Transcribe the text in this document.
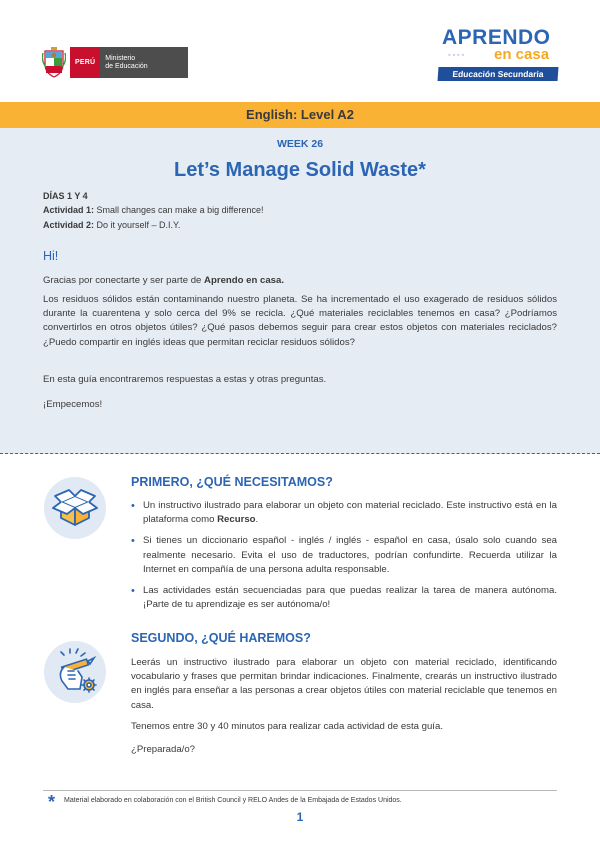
PERÚ
Ministerio
de Educación
APRENDO
◦◦◦◦ en casa
Educación Secundaria
English: Level A2
WEEK 26
Let’s Manage Solid Waste*
DÍAS 1 Y 4
Actividad 1: Small changes can make a big difference!
Actividad 2: Do it yourself – D.I.Y.
Hi!

Gracias por conectarte y ser parte de Aprendo en casa.

Los residuos sólidos están contaminando nuestro planeta. Se ha incrementado el uso exagerado de residuos sólidos durante la cuarentena y solo cerca del 9% se recicla. ¿Qué materiales reciclables tenemos en casa? ¿Podríamos convertirlos en otros objetos útiles? ¿Qué pasos debemos seguir para crear estos objetos con materiales reciclados? ¿Puedo compartir en inglés ideas que permitan reciclar residuos sólidos?

En esta guía encontraremos respuestas a estas y otras preguntas.

¡Empecemos!

PRIMERO, ¿QUÉ NECESITAMOS?
• Un instructivo ilustrado para elaborar un objeto con material reciclado. Este instructivo está en la plataforma como Recurso.
• Si tienes un diccionario español - inglés / inglés - español en casa, úsalo solo cuando sea realmente necesario. Evita el uso de traductores, podrían confundirte. Recuerda utilizar la Internet en compañía de una persona adulta responsable.
• Las actividades están secuenciadas para que puedas realizar la tarea de manera autónoma. ¡Parte de tu aprendizaje es ser autónoma/o!
SEGUNDO, ¿QUÉ HAREMOS?

Leerás un instructivo ilustrado para elaborar un objeto con material reciclado, identificando vocabulario y frases que permitan brindar indicaciones. Finalmente, crearás un instructivo ilustrado en inglés para enseñar a las personas a crear objetos útiles con material reciclable que tenemos en casa.

Tenemos entre 30 y 40 minutos para realizar cada actividad de esta guía.

¿Preparada/o?

* Material elaborado en colaboración con el British Council y RELO Andes de la Embajada de Estados Unidos.
1
